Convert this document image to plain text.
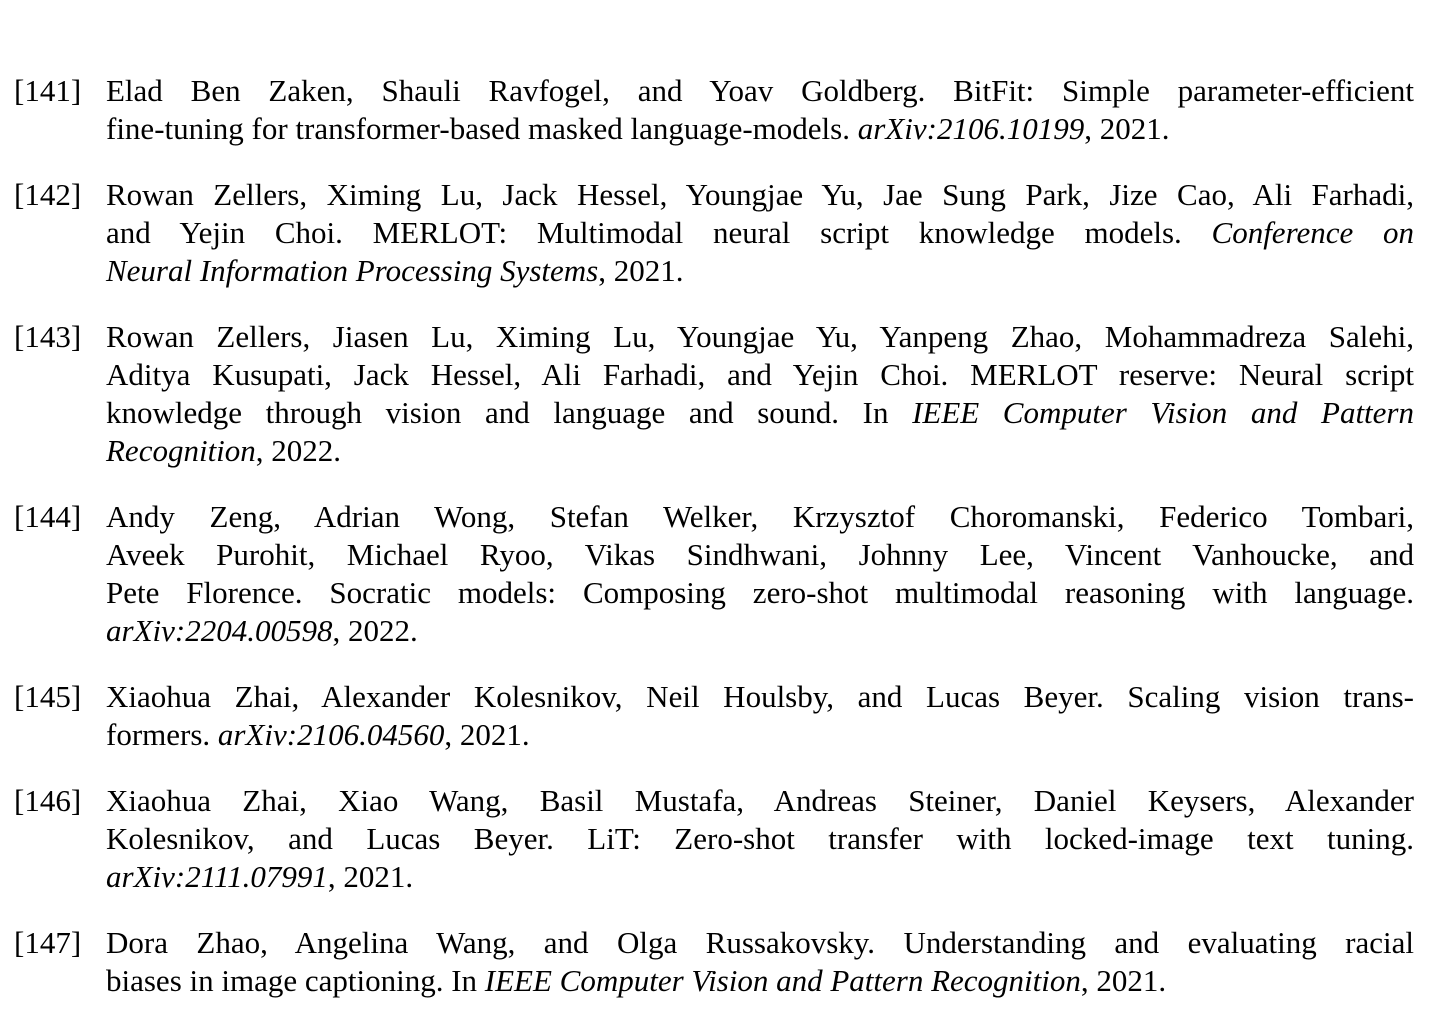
[141] Elad Ben Zaken, Shauli Ravfogel, and Yoav Goldberg. BitFit: Simple parameter-efficient
fine-tuning for transformer-based masked language-models. arXiv:2106.10199, 2021.
[142] Rowan Zellers, Ximing Lu, Jack Hessel, Youngjae Yu, Jae Sung Park, Jize Cao, Ali Farhadi,
and Yejin Choi. MERLOT: Multimodal neural script knowledge models. Conference on
Neural Information Processing Systems, 2021.
[143] Rowan Zellers, Jiasen Lu, Ximing Lu, Youngjae Yu, Yanpeng Zhao, Mohammadreza Salehi,
Aditya Kusupati, Jack Hessel, Ali Farhadi, and Yejin Choi. MERLOT reserve: Neural script
knowledge through vision and language and sound. In IEEE Computer Vision and Pattern
Recognition, 2022.
[144] Andy Zeng, Adrian Wong, Stefan Welker, Krzysztof Choromanski, Federico Tombari,
Aveek Purohit, Michael Ryoo, Vikas Sindhwani, Johnny Lee, Vincent Vanhoucke, and
Pete Florence. Socratic models: Composing zero-shot multimodal reasoning with language.
arXiv:2204.00598, 2022.
[145] Xiaohua Zhai, Alexander Kolesnikov, Neil Houlsby, and Lucas Beyer. Scaling vision trans-
formers. arXiv:2106.04560, 2021.
[146] Xiaohua Zhai, Xiao Wang, Basil Mustafa, Andreas Steiner, Daniel Keysers, Alexander
Kolesnikov, and Lucas Beyer. LiT: Zero-shot transfer with locked-image text tuning.
arXiv:2111.07991, 2021.
[147] Dora Zhao, Angelina Wang, and Olga Russakovsky. Understanding and evaluating racial
biases in image captioning. In IEEE Computer Vision and Pattern Recognition, 2021.
